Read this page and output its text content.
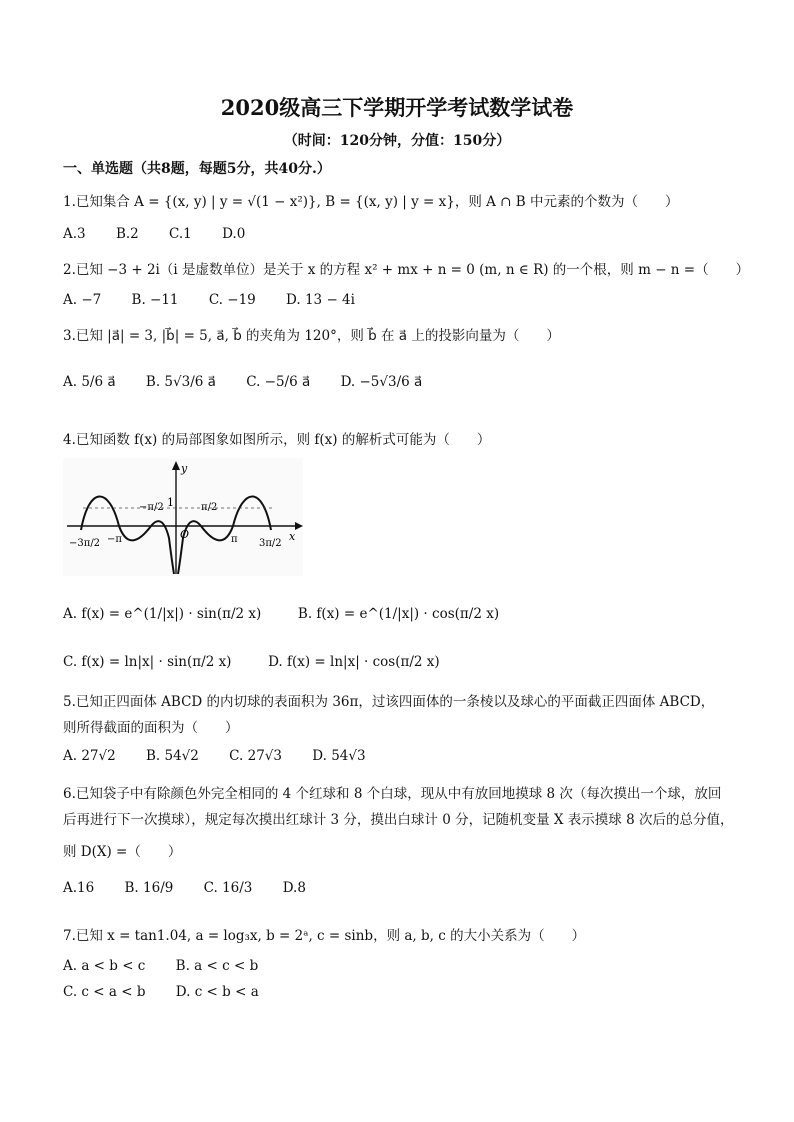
2020级高三下学期开学考试数学试卷
（时间：120分钟，分值：150分）
一、单选题（共8题，每题5分，共40分.）
1.已知集合 A = {(x, y) | y = √(1 − x²)}, B = {(x, y) | y = x}，则 A ∩ B 中元素的个数为（　　）
A.3 B.2 C.1 D.0
2.已知 −3 + 2i（i 是虚数单位）是关于 x 的方程 x² + mx + n = 0 (m, n ∈ R) 的一个根，则 m − n =（　　）
A. −7 B. −11 C. −19 D. 13 − 4i
3.已知 |a⃗| = 3, |b⃗| = 5, a⃗, b⃗ 的夹角为 120°，则 b⃗ 在 a⃗ 上的投影向量为（　　）
A. 5/6 a⃗ B. 5√3/6 a⃗ C. −5/6 a⃗ D. −5√3/6 a⃗
4.已知函数 f(x) 的局部图象如图所示，则 f(x) 的解析式可能为（　　）
y
1
−π/2	π/2
O	x
−3π/2 −π	π 3π/2
A. f(x) = e^(1/|x|) · sin(π/2 x)	B. f(x) = e^(1/|x|) · cos(π/2 x)
C. f(x) = ln|x| · sin(π/2 x)	D. f(x) = ln|x| · cos(π/2 x)
5.已知正四面体 ABCD 的内切球的表面积为 36π，过该四面体的一条棱以及球心的平面截正四面体 ABCD，
则所得截面的面积为（　　）
A. 27√2 B. 54√2 C. 27√3 D. 54√3
6.已知袋子中有除颜色外完全相同的 4 个红球和 8 个白球，现从中有放回地摸球 8 次（每次摸出一个球，放回
后再进行下一次摸球），规定每次摸出红球计 3 分，摸出白球计 0 分，记随机变量 X 表示摸球 8 次后的总分值，
则 D(X) =（　　）
A.16 B. 16/9 C. 16/3 D.8
7.已知 x = tan1.04, a = log₃x, b = 2ᵃ, c = sinb，则 a, b, c 的大小关系为（　　）
A. a < b < c B. a < c < b
C. c < a < b D. c < b < a
